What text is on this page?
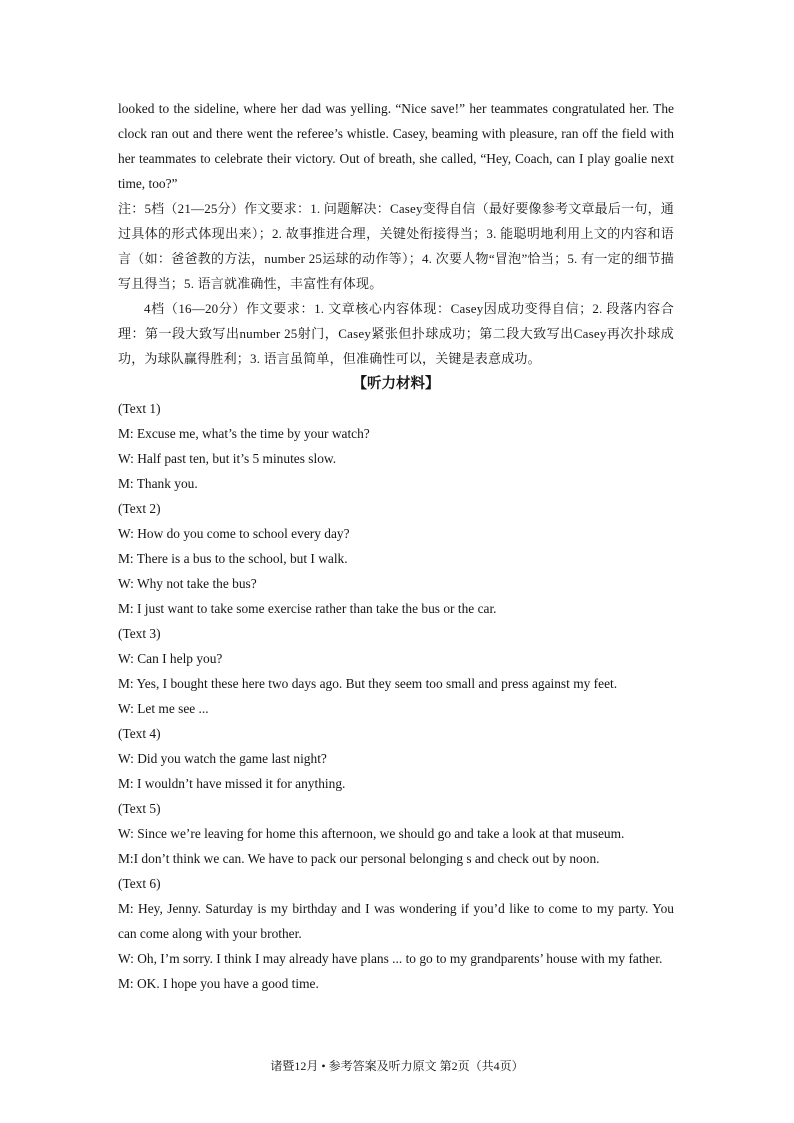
looked to the sideline, where her dad was yelling. “Nice save!” her teammates congratulated her. The clock ran out and there went the referee’s whistle. Casey, beaming with pleasure, ran off the field with her teammates to celebrate their victory. Out of breath, she called, “Hey, Coach, can I play goalie next time, too?”

注：5档（21—25分）作文要求：1. 问题解决：Casey变得自信（最好要像参考文章最后一句，通过具体的形式体现出来）；2. 故事推进合理，关键处衔接得当；3. 能聪明地利用上文的内容和语言（如：爸爸教的方法，number 25运球的动作等）；4. 次要人物“冒泡”恰当；5. 有一定的细节描写且得当；5. 语言就准确性，丰富性有体现。

4档（16—20分）作文要求：1. 文章核心内容体现：Casey因成功变得自信；2. 段落内容合理：第一段大致写出number 25射门，Casey紧张但扑球成功；第二段大致写出Casey再次扑球成功，为球队赢得胜利；3. 语言虽简单，但准确性可以，关键是表意成功。

【听力材料】

(Text 1)

M: Excuse me, what’s the time by your watch?

W: Half past ten, but it’s 5 minutes slow.

M: Thank you.

(Text 2)

W: How do you come to school every day?

M: There is a bus to the school, but I walk.

W: Why not take the bus?

M: I just want to take some exercise rather than take the bus or the car.

(Text 3)

W: Can I help you?

M: Yes, I bought these here two days ago. But they seem too small and press against my feet.

W: Let me see ...

(Text 4)

W: Did you watch the game last night?

M: I wouldn’t have missed it for anything.

(Text 5)

W: Since we’re leaving for home this afternoon, we should go and take a look at that museum.

M:I don’t think we can. We have to pack our personal belonging s and check out by noon.

(Text 6)

M: Hey, Jenny. Saturday is my birthday and I was wondering if you’d like to come to my party. You can come along with your brother.

W: Oh, I’m sorry. I think I may already have plans ... to go to my grandparents’ house with my father.

M: OK. I hope you have a good time.

诸暨12月 • 参考答案及听力原文 第2页（共4页）
